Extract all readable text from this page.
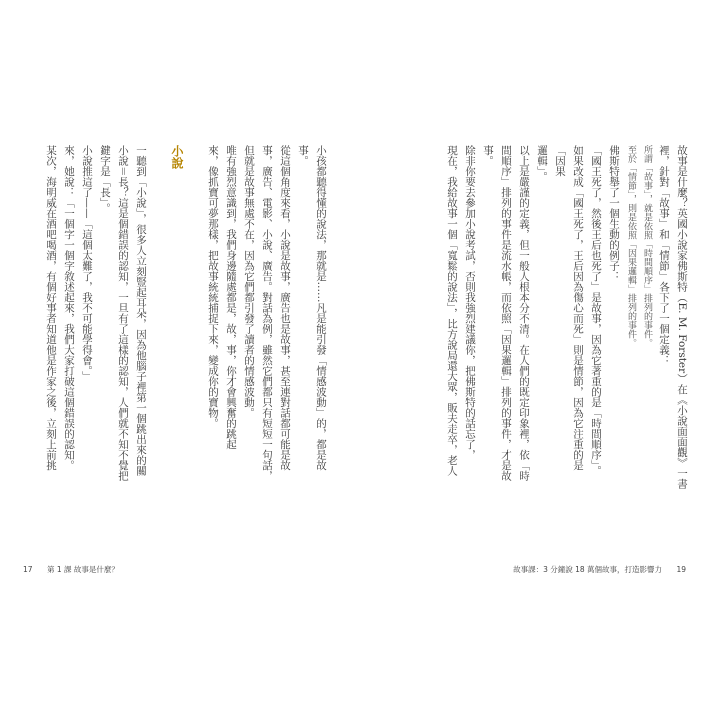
小孩都聽得懂的說法，那就是……凡是能引發「情感波動」的，都是故事。

從這個角度來看，小說是故事，廣告也是故事，甚至連對話都可能是故

事，廣告、電影、小說、廣告。對話為例，雖然它們都只有短短一句話，

但就是故事無處不在，因為它們都引發了讀者的情感波動。

唯有強烈意識到，我們身邊隨處都是，故，事，你才會興奮的跳起

來，像抓寶可夢那樣，把故事統統捕捉下來，變成你的寶物。

小說

一聽到「小說」，很多人立刻豎起耳朵，因為他腦子裡第一個跳出來的關

小說＝長？這是個錯誤的認知，一旦有了這樣的認知，人們就不知不覺把

鍵字是「長」。

小說推這了——「這個太難了，我不可能學得會。」

來，她說：「一個字一個字敘述起來，我們大家打破這個錯誤的認知。

某次，海明威在酒吧喝酒，有個好事者知道他是作家之後，立刻上前挑

17 第 1 課 故事是什麼？

故事是什麼？英國小說家佛斯特（E. M. Forster）在《小說面面觀》一書

裡，針對「故事」和「情節」各下了一個定義：

所謂「故事」，就是依照「時間順序」排列的事件。

至於「情節」，則是依照「因果邏輯」排列的事件。

佛斯特舉了一個生動的例子：

「國王死了，然後王后也死了」是故事，因為它著重的是「時間順序」。

如果改成「國王死了，王后因為傷心而死」則是情節，因為它注重的是「因果

邏輯」。

以上是嚴謹的定義，但一般人根本分不清。在人們的既定印象裡，依「時

間順序」排列的事件是流水帳，而依照「因果邏輯」排列的事件，才是故事。

除非你要去參加小說考試，否則我強烈建議你，把佛斯特的話忘了，

現在，我給故事一個「寬鬆的說法」，比方說局還大眾，販夫走卒，老人

故事課：3 分鐘說 18 萬個故事，打造影響力 19
